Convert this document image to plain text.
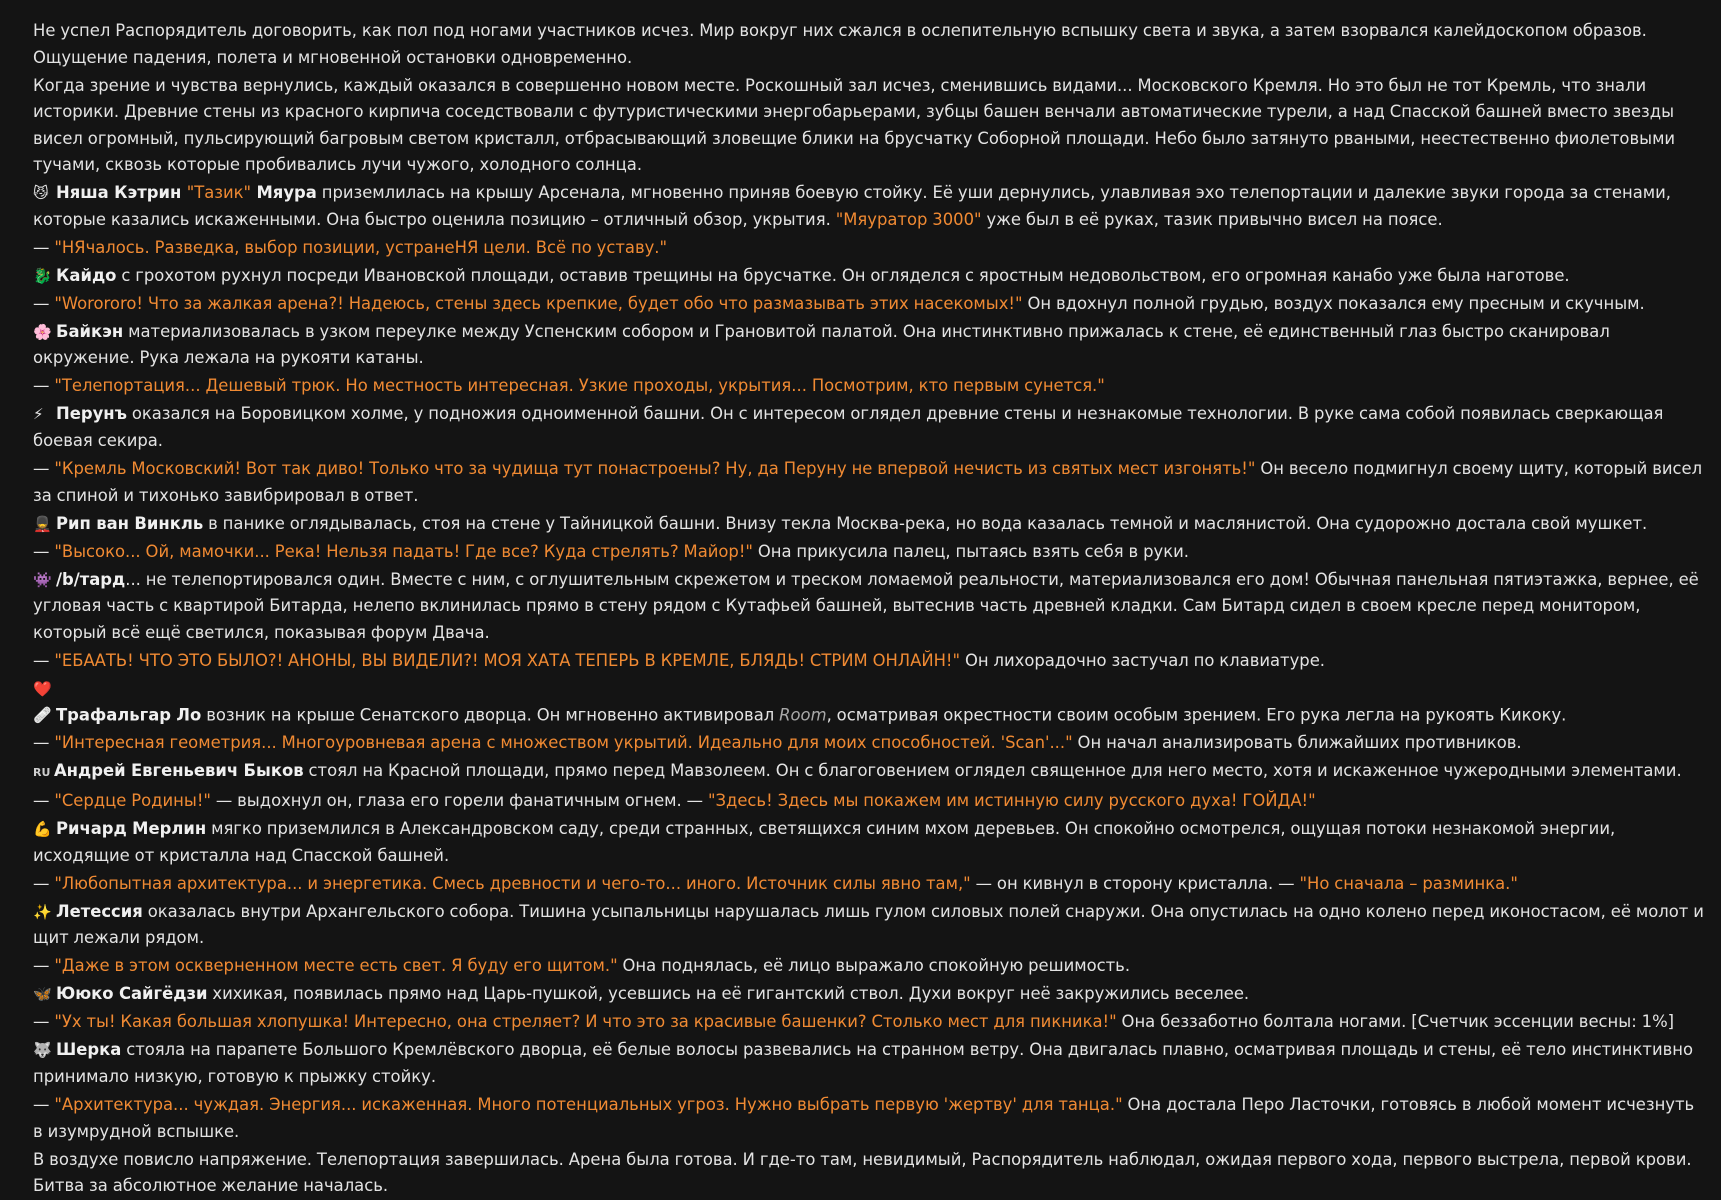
Не успел Распорядитель договорить, как пол под ногами участников исчез. Мир вокруг них сжался в ослепительную вспышку света и звука, а затем взорвался калейдоскопом образов. Ощущение падения, полета и мгновенной остановки одновременно.
Когда зрение и чувства вернулись, каждый оказался в совершенно новом месте. Роскошный зал исчез, сменившись видами... Московского Кремля. Но это был не тот Кремль, что знали историки. Древние стены из красного кирпича соседствовали с футуристическими энергобарьерами, зубцы башен венчали автоматические турели, а над Спасской башней вместо звезды висел огромный, пульсирующий багровым светом кристалл, отбрасывающий зловещие блики на брусчатку Соборной площади. Небо было затянуто рваными, неестественно фиолетовыми тучами, сквозь которые пробивались лучи чужого, холодного солнца.
😼 Няша Кэтрин "Тазик" Мяура приземлилась на крышу Арсенала, мгновенно приняв боевую стойку. Её уши дернулись, улавливая эхо телепортации и далекие звуки города за стенами, которые казались искаженными. Она быстро оценила позицию – отличный обзор, укрытия. "Мяуратор 3000" уже был в её руках, тазик привычно висел на поясе.
— "НЯчалось. Разведка, выбор позиции, устранеНЯ цели. Всё по уставу."
🐉 Кайдо с грохотом рухнул посреди Ивановской площади, оставив трещины на брусчатке. Он огляделся с яростным недовольством, его огромная канабо уже была наготове.
— "Worororo! Что за жалкая арена?! Надеюсь, стены здесь крепкие, будет обо что размазывать этих насекомых!" Он вдохнул полной грудью, воздух показался ему пресным и скучным.
🌸 Байкэн материализовалась в узком переулке между Успенским собором и Грановитой палатой. Она инстинктивно прижалась к стене, её единственный глаз быстро сканировал окружение. Рука лежала на рукояти катаны.
— "Телепортация... Дешевый трюк. Но местность интересная. Узкие проходы, укрытия... Посмотрим, кто первым сунется."
⚡ Перунъ оказался на Боровицком холме, у подножия одноименной башни. Он с интересом оглядел древние стены и незнакомые технологии. В руке сама собой появилась сверкающая боевая секира.
— "Кремль Московский! Вот так диво! Только что за чудища тут понастроены? Ну, да Перуну не впервой нечисть из святых мест изгонять!" Он весело подмигнул своему щиту, который висел за спиной и тихонько завибрировал в ответ.
💂 Рип ван Винкль в панике оглядывалась, стоя на стене у Тайницкой башни. Внизу текла Москва-река, но вода казалась темной и маслянистой. Она судорожно достала свой мушкет.
— "Высоко... Ой, мамочки... Река! Нельзя падать! Где все? Куда стрелять? Майор!" Она прикусила палец, пытаясь взять себя в руки.
👾 /b/тард... не телепортировался один. Вместе с ним, с оглушительным скрежетом и треском ломаемой реальности, материализовался его дом! Обычная панельная пятиэтажка, вернее, её угловая часть с квартирой Битарда, нелепо вклинилась прямо в стену рядом с Кутафьей башней, вытеснив часть древней кладки. Сам Битард сидел в своем кресле перед монитором, который всё ещё светился, показывая форум Двача.
— "ЕБААТЬ! ЧТО ЭТО БЫЛО?! АНОНЫ, ВЫ ВИДЕЛИ?! МОЯ ХАТА ТЕПЕРЬ В КРЕМЛЕ, БЛЯДЬ! СТРИМ ОНЛАЙН!" Он лихорадочно застучал по клавиатуре.
❤️🩹 Трафальгар Ло возник на крыше Сенатского дворца. Он мгновенно активировал Room, осматривая окрестности своим особым зрением. Его рука легла на рукоять Кикоку.
— "Интересная геометрия... Многоуровневая арена с множеством укрытий. Идеально для моих способностей. 'Scan'..." Он начал анализировать ближайших противников.
RU Андрей Евгеньевич Быков стоял на Красной площади, прямо перед Мавзолеем. Он с благоговением оглядел священное для него место, хотя и искаженное чужеродными элементами.
— "Сердце Родины!" — выдохнул он, глаза его горели фанатичным огнем. — "Здесь! Здесь мы покажем им истинную силу русского духа! ГОЙДА!"
💪 Ричард Мерлин мягко приземлился в Александровском саду, среди странных, светящихся синим мхом деревьев. Он спокойно осмотрелся, ощущая потоки незнакомой энергии, исходящие от кристалла над Спасской башней.
— "Любопытная архитектура... и энергетика. Смесь древности и чего-то... иного. Источник силы явно там," — он кивнул в сторону кристалла. — "Но сначала – разминка."
✨ Летессия оказалась внутри Архангельского собора. Тишина усыпальницы нарушалась лишь гулом силовых полей снаружи. Она опустилась на одно колено перед иконостасом, её молот и щит лежали рядом.
— "Даже в этом оскверненном месте есть свет. Я буду его щитом." Она поднялась, её лицо выражало спокойную решимость.
🦋 Ююко Сайгёдзи хихикая, появилась прямо над Царь-пушкой, усевшись на её гигантский ствол. Духи вокруг неё закружились веселее.
— "Ух ты! Какая большая хлопушка! Интересно, она стреляет? И что это за красивые башенки? Столько мест для пикника!" Она беззаботно болтала ногами. [Счетчик эссенции весны: 1%]
🐺 Шерка стояла на парапете Большого Кремлёвского дворца, её белые волосы развевались на странном ветру. Она двигалась плавно, осматривая площадь и стены, её тело инстинктивно принимало низкую, готовую к прыжку стойку.
— "Архитектура... чуждая. Энергия... искаженная. Много потенциальных угроз. Нужно выбрать первую 'жертву' для танца." Она достала Перо Ласточки, готовясь в любой момент исчезнуть в изумрудной вспышке.
В воздухе повисло напряжение. Телепортация завершилась. Арена была готова. И где-то там, невидимый, Распорядитель наблюдал, ожидая первого хода, первого выстрела, первой крови. Битва за абсолютное желание началась.
